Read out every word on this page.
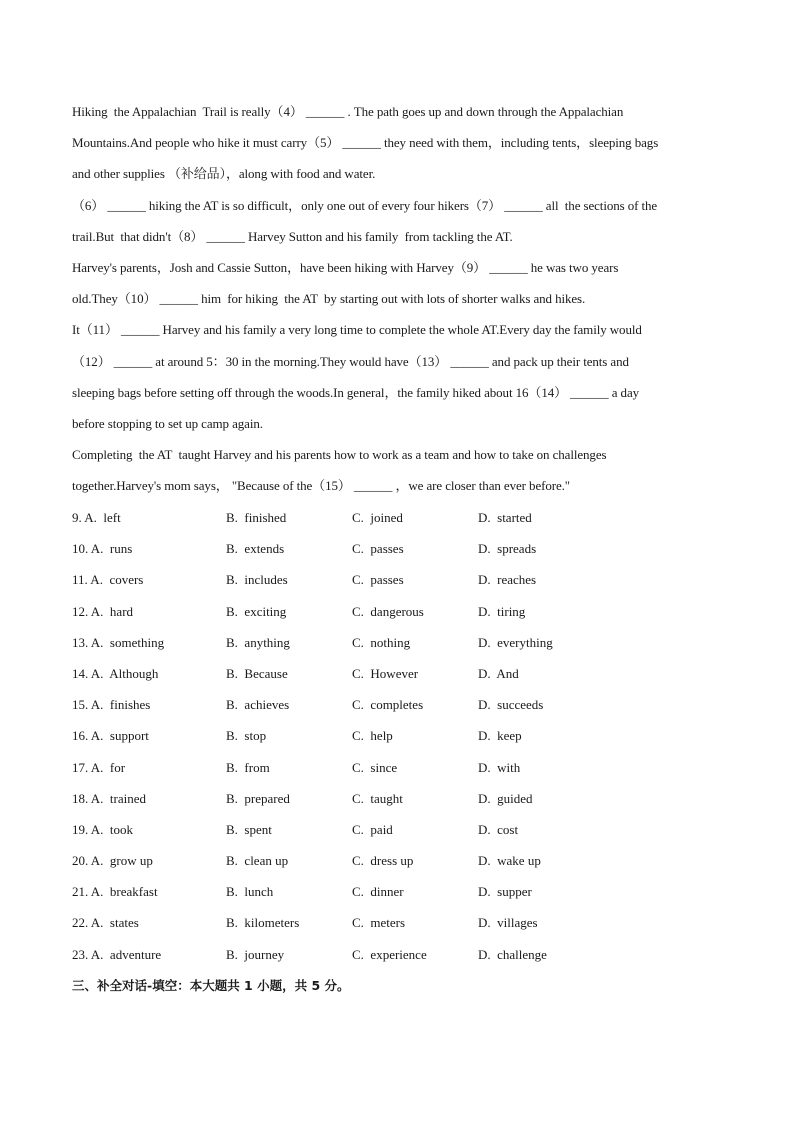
Hiking  the Appalachian  Trail is really（4） ______ . The path goes up and down through the Appalachian
Mountains.And people who hike it must carry（5） ______ they need with them，including tents，sleeping bags
and other supplies （补给品），along with food and water.
（6） ______ hiking the AT is so difficult，only one out of every four hikers（7） ______ all  the sections of the
trail.But  that didn't（8） ______ Harvey Sutton and his family  from tackling the AT.
Harvey's parents，Josh and Cassie Sutton，have been hiking with Harvey（9） ______ he was two years
old.They（10） ______ him  for hiking  the AT  by starting out with lots of shorter walks and hikes.
It（11） ______ Harvey and his family a very long time to complete the whole AT.Every day the family would
（12） ______ at around 5：30 in the morning.They would have（13） ______ and pack up their tents and
sleeping bags before setting off through the woods.In general，the family hiked about 16（14） ______ a day
before stopping to set up camp again.
Completing  the AT  taught Harvey and his parents how to work as a team and how to take on challenges
together.Harvey's mom says， "Because of the（15） ______ ，we are closer than ever before."
9. A.  left	B.  finished	C.  joined	D.  started
10. A.  runs	B.  extends	C.  passes	D.  spreads
11. A.  covers	B.  includes	C.  passes	D.  reaches
12. A.  hard	B.  exciting	C.  dangerous	D.  tiring
13. A.  something	B.  anything	C.  nothing	D.  everything
14. A.  Although	B.  Because	C.  However	D.  And
15. A.  finishes	B.  achieves	C.  completes	D.  succeeds
16. A.  support	B.  stop	C.  help	D.  keep
17. A.  for	B.  from	C.  since	D.  with
18. A.  trained	B.  prepared	C.  taught	D.  guided
19. A.  took	B.  spent	C.  paid	D.  cost
20. A.  grow up	B.  clean up	C.  dress up	D.  wake up
21. A.  breakfast	B.  lunch	C.  dinner	D.  supper
22. A.  states	B.  kilometers	C.  meters	D.  villages
23. A.  adventure	B.  journey	C.  experience	D.  challenge
三、补全对话-填空：本大题共 1 小题，共 5 分。
